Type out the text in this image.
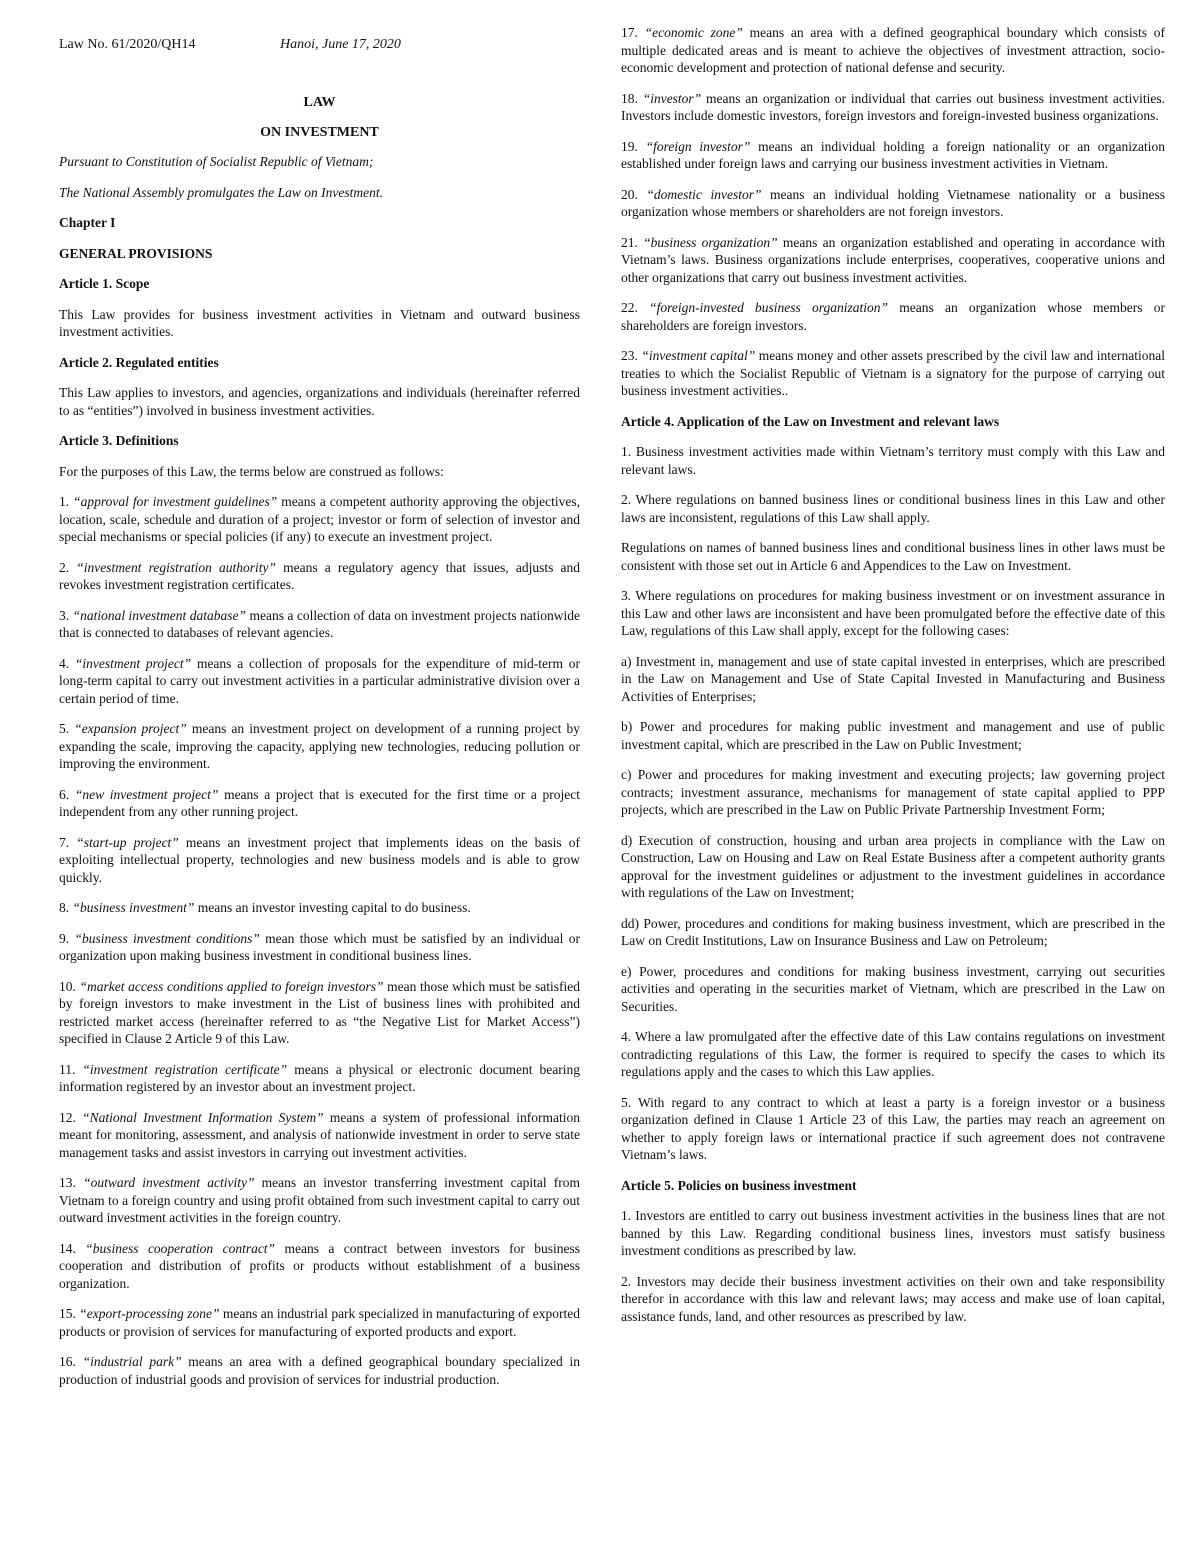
Law No. 61/2020/QH14	Hanoi, June 17, 2020

LAW

ON INVESTMENT

Pursuant to Constitution of Socialist Republic of Vietnam;

The National Assembly promulgates the Law on Investment.

Chapter I

GENERAL PROVISIONS

Article 1. Scope

This Law provides for business investment activities in Vietnam and outward business investment activities.

Article 2. Regulated entities

This Law applies to investors, and agencies, organizations and individuals (hereinafter referred to as “entities”) involved in business investment activities.

Article 3. Definitions

For the purposes of this Law, the terms below are construed as follows:

1. “approval for investment guidelines” means a competent authority approving the objectives, location, scale, schedule and duration of a project; investor or form of selection of investor and special mechanisms or special policies (if any) to execute an investment project.

2. “investment registration authority” means a regulatory agency that issues, adjusts and revokes investment registration certificates.

3. “national investment database” means a collection of data on investment projects nationwide that is connected to databases of relevant agencies.

4. “investment project” means a collection of proposals for the expenditure of mid-term or long-term capital to carry out investment activities in a particular administrative division over a certain period of time.

5. “expansion project” means an investment project on development of a running project by expanding the scale, improving the capacity, applying new technologies, reducing pollution or improving the environment.

6. “new investment project” means a project that is executed for the first time or a project independent from any other running project.

7. “start-up project” means an investment project that implements ideas on the basis of exploiting intellectual property, technologies and new business models and is able to grow quickly.

8. “business investment” means an investor investing capital to do business.

9. “business investment conditions” mean those which must be satisfied by an individual or organization upon making business investment in conditional business lines.

10. “market access conditions applied to foreign investors” mean those which must be satisfied by foreign investors to make investment in the List of business lines with prohibited and restricted market access (hereinafter referred to as “the Negative List for Market Access”) specified in Clause 2 Article 9 of this Law.

11. “investment registration certificate” means a physical or electronic document bearing information registered by an investor about an investment project.

12. “National Investment Information System” means a system of professional information meant for monitoring, assessment, and analysis of nationwide investment in order to serve state management tasks and assist investors in carrying out investment activities.

13. “outward investment activity” means an investor transferring investment capital from Vietnam to a foreign country and using profit obtained from such investment capital to carry out outward investment activities in the foreign country.

14. “business cooperation contract” means a contract between investors for business cooperation and distribution of profits or products without establishment of a business organization.

15. “export-processing zone” means an industrial park specialized in manufacturing of exported products or provision of services for manufacturing of exported products and export.

16. “industrial park” means an area with a defined geographical boundary specialized in production of industrial goods and provision of services for industrial production.

17. “economic zone” means an area with a defined geographical boundary which consists of multiple dedicated areas and is meant to achieve the objectives of investment attraction, socio-economic development and protection of national defense and security.

18. “investor” means an organization or individual that carries out business investment activities. Investors include domestic investors, foreign investors and foreign-invested business organizations.

19. “foreign investor” means an individual holding a foreign nationality or an organization established under foreign laws and carrying our business investment activities in Vietnam.

20. “domestic investor” means an individual holding Vietnamese nationality or a business organization whose members or shareholders are not foreign investors.

21. “business organization” means an organization established and operating in accordance with Vietnam’s laws. Business organizations include enterprises, cooperatives, cooperative unions and other organizations that carry out business investment activities.

22. “foreign-invested business organization” means an organization whose members or shareholders are foreign investors.

23. “investment capital” means money and other assets prescribed by the civil law and international treaties to which the Socialist Republic of Vietnam is a signatory for the purpose of carrying out business investment activities..

Article 4. Application of the Law on Investment and relevant laws

1. Business investment activities made within Vietnam’s territory must comply with this Law and relevant laws.

2. Where regulations on banned business lines or conditional business lines in this Law and other laws are inconsistent, regulations of this Law shall apply.

Regulations on names of banned business lines and conditional business lines in other laws must be consistent with those set out in Article 6 and Appendices to the Law on Investment.

3. Where regulations on procedures for making business investment or on investment assurance in this Law and other laws are inconsistent and have been promulgated before the effective date of this Law, regulations of this Law shall apply, except for the following cases:

a) Investment in, management and use of state capital invested in enterprises, which are prescribed in the Law on Management and Use of State Capital Invested in Manufacturing and Business Activities of Enterprises;

b) Power and procedures for making public investment and management and use of public investment capital, which are prescribed in the Law on Public Investment;

c) Power and procedures for making investment and executing projects; law governing project contracts; investment assurance, mechanisms for management of state capital applied to PPP projects, which are prescribed in the Law on Public Private Partnership Investment Form;

d) Execution of construction, housing and urban area projects in compliance with the Law on Construction, Law on Housing and Law on Real Estate Business after a competent authority grants approval for the investment guidelines or adjustment to the investment guidelines in accordance with regulations of the Law on Investment;

dd) Power, procedures and conditions for making business investment, which are prescribed in the Law on Credit Institutions, Law on Insurance Business and Law on Petroleum;

e) Power, procedures and conditions for making business investment, carrying out securities activities and operating in the securities market of Vietnam, which are prescribed in the Law on Securities.

4. Where a law promulgated after the effective date of this Law contains regulations on investment contradicting regulations of this Law, the former is required to specify the cases to which its regulations apply and the cases to which this Law applies.

5. With regard to any contract to which at least a party is a foreign investor or a business organization defined in Clause 1 Article 23 of this Law, the parties may reach an agreement on whether to apply foreign laws or international practice if such agreement does not contravene Vietnam’s laws.

Article 5. Policies on business investment

1. Investors are entitled to carry out business investment activities in the business lines that are not banned by this Law. Regarding conditional business lines, investors must satisfy business investment conditions as prescribed by law.

2. Investors may decide their business investment activities on their own and take responsibility therefor in accordance with this law and relevant laws; may access and make use of loan capital, assistance funds, land, and other resources as prescribed by law.
